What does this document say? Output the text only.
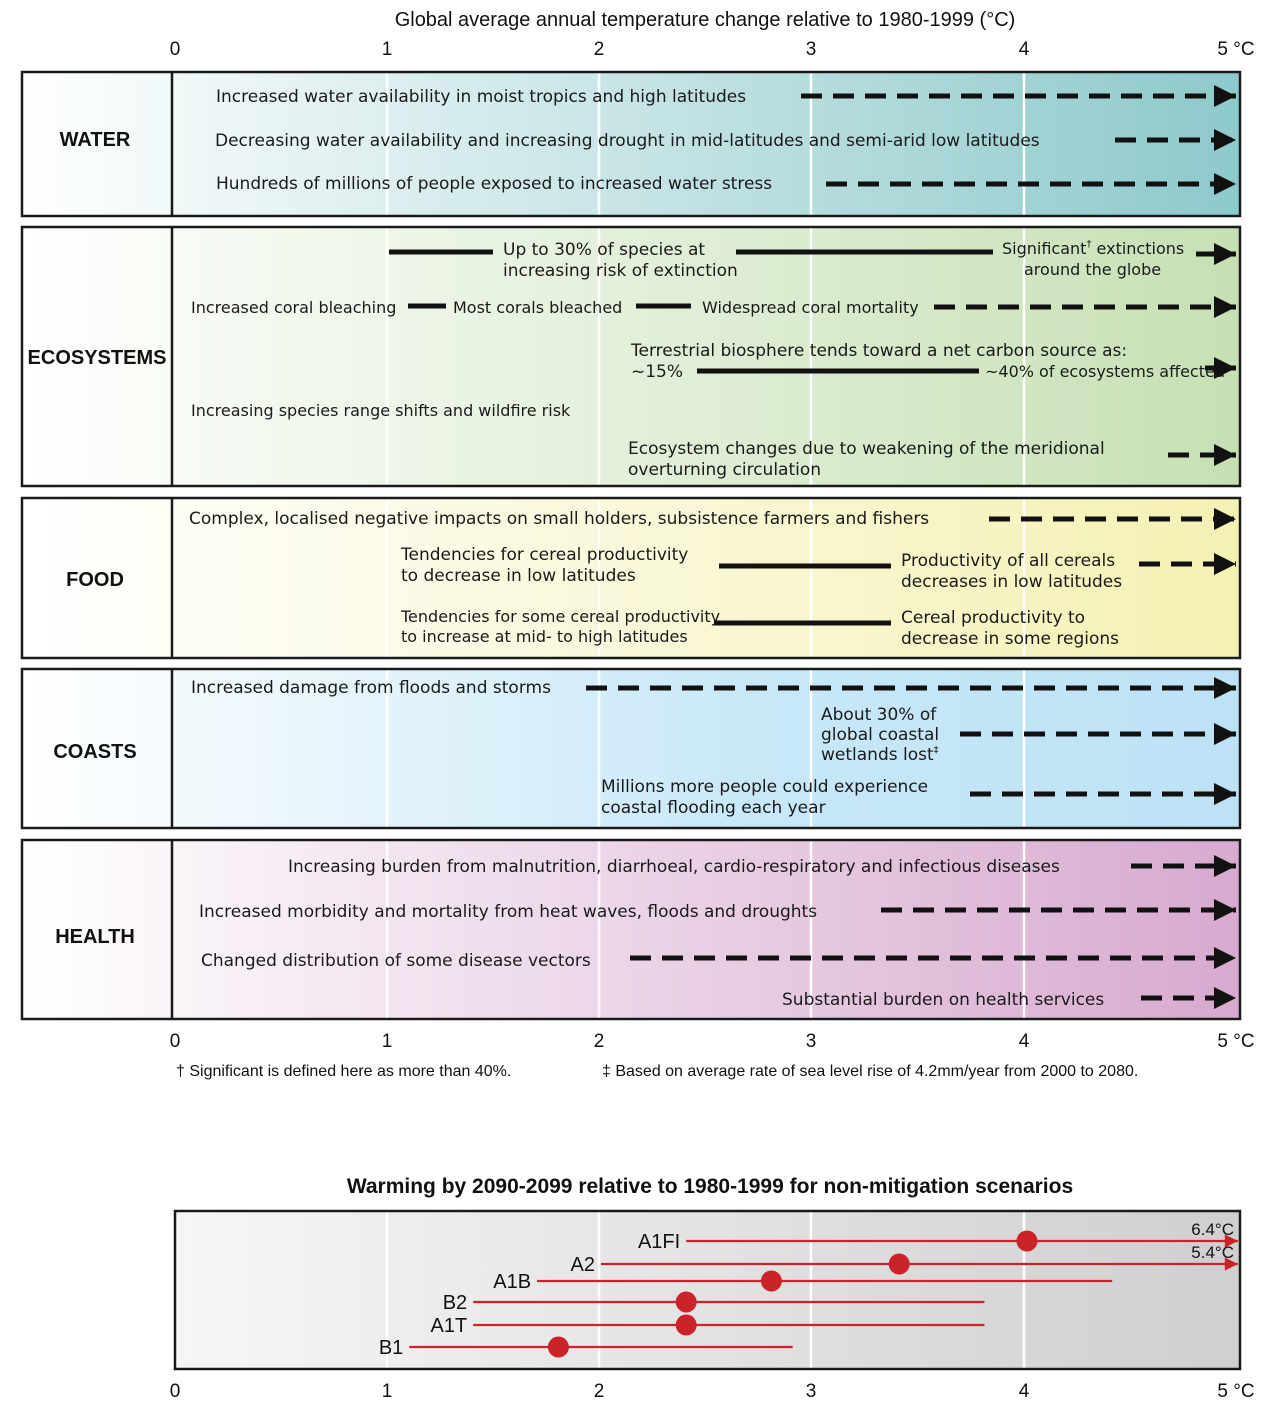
Global average annual temperature change relative to 1980-1999 (°C)
0	1	2	3	4	5 °C
WATER
ECOSYSTEMS
FOOD
COASTS
HEALTH
Increased water availability in moist tropics and high latitudes
Decreasing water availability and increasing drought in mid-latitudes and semi-arid low latitudes
Hundreds of millions of people exposed to increased water stress
Up to 30% of species at
increasing risk of extinction
Significant† extinctions
around the globe
Increased coral bleaching	Most corals bleached	Widespread coral mortality
Terrestrial biosphere tends toward a net carbon source as:
~15%	~40% of ecosystems affected
Increasing species range shifts and wildfire risk
Ecosystem changes due to weakening of the meridional
overturning circulation
Complex, localised negative impacts on small holders, subsistence farmers and fishers
Tendencies for cereal productivity
to decrease in low latitudes
Productivity of all cereals
decreases in low latitudes
Tendencies for some cereal productivity
to increase at mid- to high latitudes
Cereal productivity to
decrease in some regions
Increased damage from floods and storms
About 30% of
global coastal
wetlands lost‡
Millions more people could experience
coastal flooding each year
Increasing burden from malnutrition, diarrhoeal, cardio-respiratory and infectious diseases
Increased morbidity and mortality from heat waves, floods and droughts
Changed distribution of some disease vectors
Substantial burden on health services
0	1	2	3	4	5 °C
† Significant is defined here as more than 40%.	‡ Based on average rate of sea level rise of 4.2mm/year from 2000 to 2080.
Warming by 2090-2099 relative to 1980-1999 for non-mitigation scenarios
A1FI
6.4°C
A2
5.4°C
A1B
B2
A1T
B1
0	1	2	3	4	5 °C
